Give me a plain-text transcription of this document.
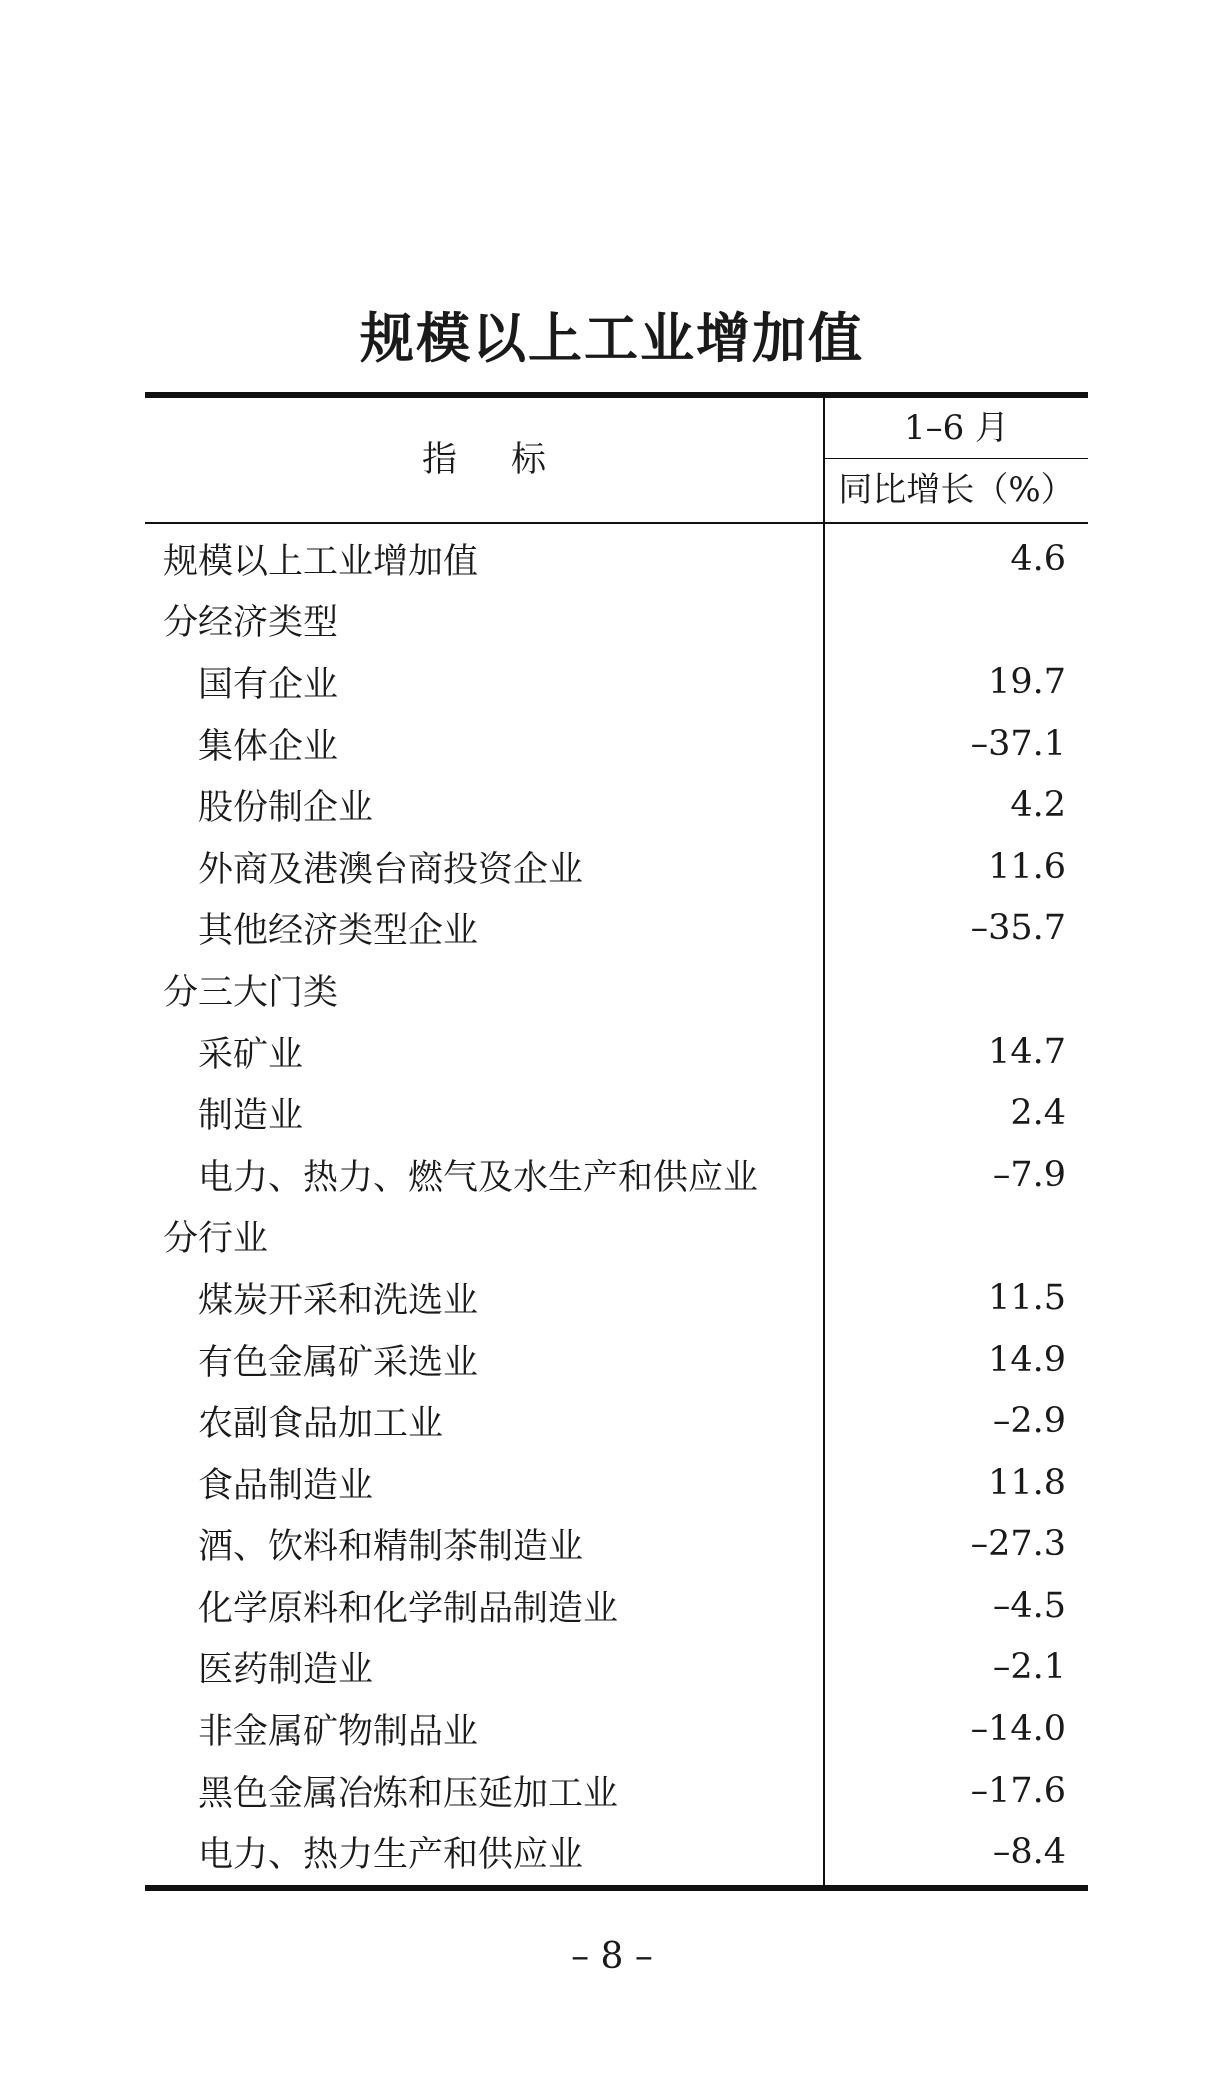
规模以上工业增加值
指标
1–6 月
同比增长（%）
规模以上工业增加值	4.6
分经济类型
国有企业	19.7
集体企业	–37.1
股份制企业	4.2
外商及港澳台商投资企业	11.6
其他经济类型企业	–35.7
分三大门类
采矿业	14.7
制造业	2.4
电力、热力、燃气及水生产和供应业	–7.9
分行业
煤炭开采和洗选业	11.5
有色金属矿采选业	14.9
农副食品加工业	–2.9
食品制造业	11.8
酒、饮料和精制茶制造业	–27.3
化学原料和化学制品制造业	–4.5
医药制造业	–2.1
非金属矿物制品业	–14.0
黑色金属冶炼和压延加工业	–17.6
电力、热力生产和供应业	–8.4
– 8 –
